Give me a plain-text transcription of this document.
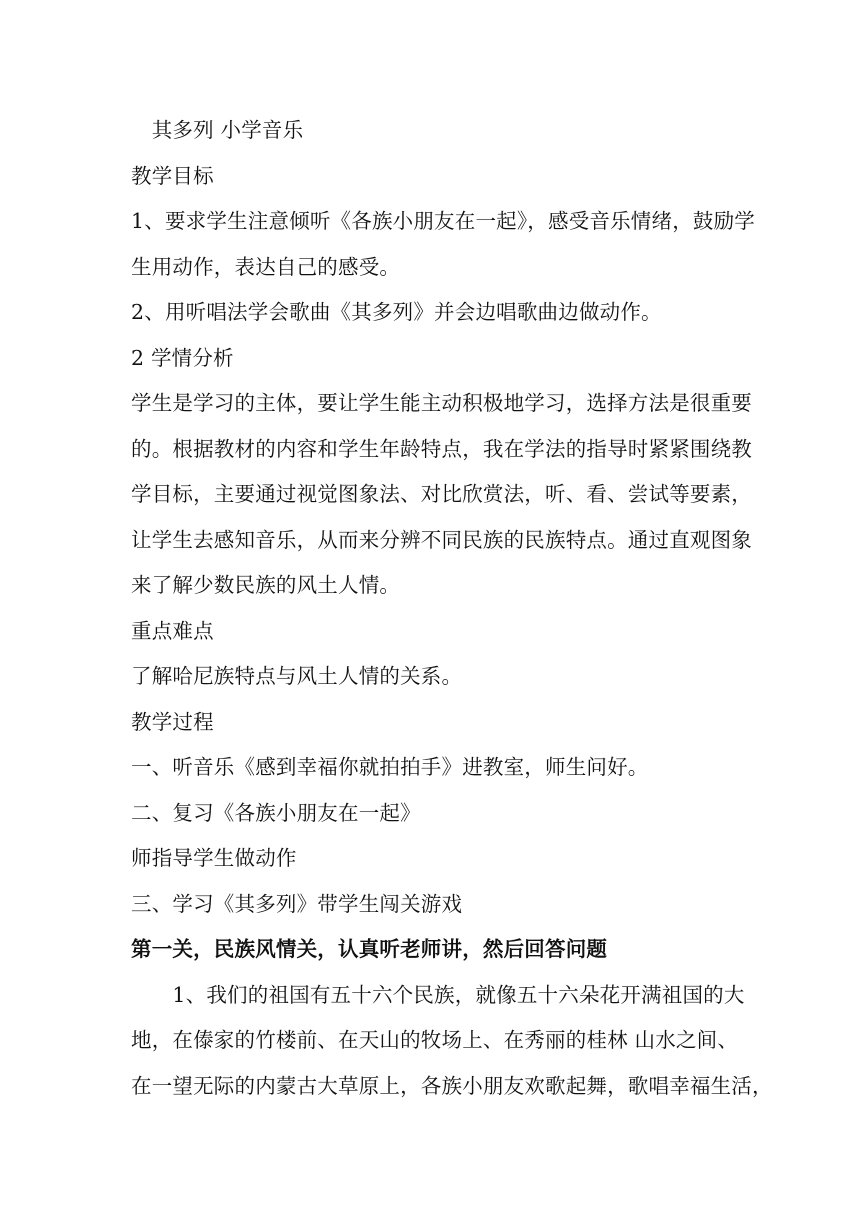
　其多列 小学音乐
教学目标
1、要求学生注意倾听《各族小朋友在一起》，感受音乐情绪，鼓励学
生用动作，表达自己的感受。
2、用听唱法学会歌曲《其多列》并会边唱歌曲边做动作。
2 学情分析
学生是学习的主体，要让学生能主动积极地学习，选择方法是很重要
的。根据教材的内容和学生年龄特点，我在学法的指导时紧紧围绕教
学目标，主要通过视觉图象法、对比欣赏法，听、看、尝试等要素，
让学生去感知音乐，从而来分辨不同民族的民族特点。通过直观图象
来了解少数民族的风土人情。
重点难点
了解哈尼族特点与风土人情的关系。
教学过程
一、听音乐《感到幸福你就拍拍手》进教室，师生问好。
二、复习《各族小朋友在一起》
师指导学生做动作
三、学习《其多列》带学生闯关游戏
第一关，民族风情关，认真听老师讲，然后回答问题
　　1、我们的祖国有五十六个民族，就像五十六朵花开满祖国的大
地，在傣家的竹楼前、在天山的牧场上、在秀丽的桂林 山水之间、
在一望无际的内蒙古大草原上，各族小朋友欢歌起舞，歌唱幸福生活，
